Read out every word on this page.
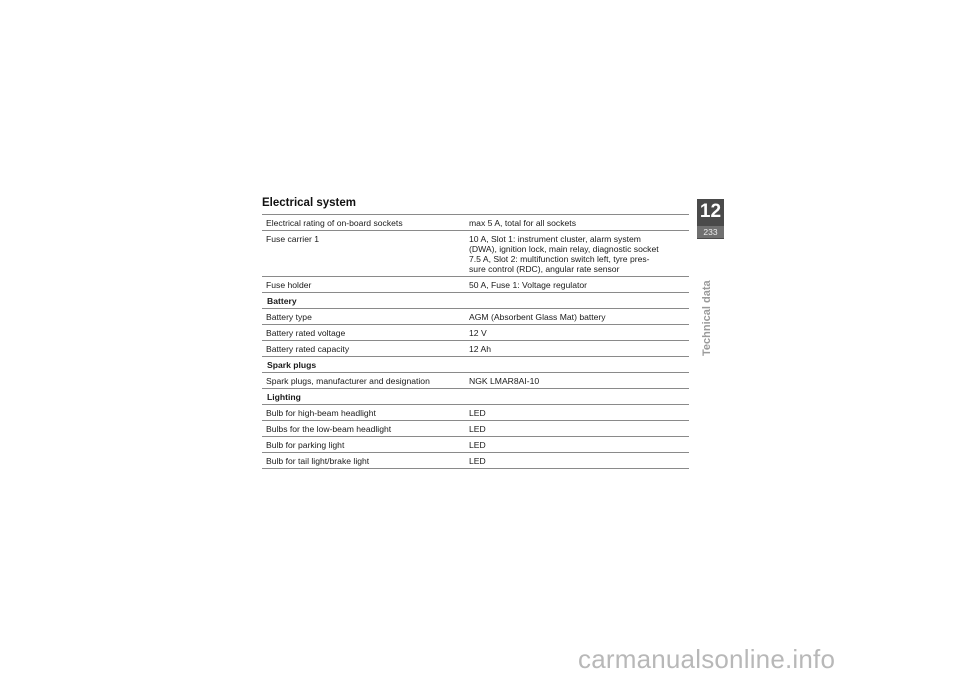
Electrical system
Electrical rating of on-board sockets	max 5 A, total for all sockets
Fuse carrier 1	10 A, Slot 1: instrument cluster, alarm system
(DWA), ignition lock, main relay, diagnostic socket
7.5 A, Slot 2: multifunction switch left, tyre pres-
sure control (RDC), angular rate sensor
Fuse holder	50 A, Fuse 1: Voltage regulator
Battery
Battery type	AGM (Absorbent Glass Mat) battery
Battery rated voltage	12 V
Battery rated capacity	12 Ah
Spark plugs
Spark plugs, manufacturer and designation	NGK LMAR8AI-10
Lighting
Bulb for high-beam headlight	LED
Bulbs for the low-beam headlight	LED
Bulb for parking light	LED
Bulb for tail light/brake light	LED
12
233
Technical data
carmanualsonline.info
